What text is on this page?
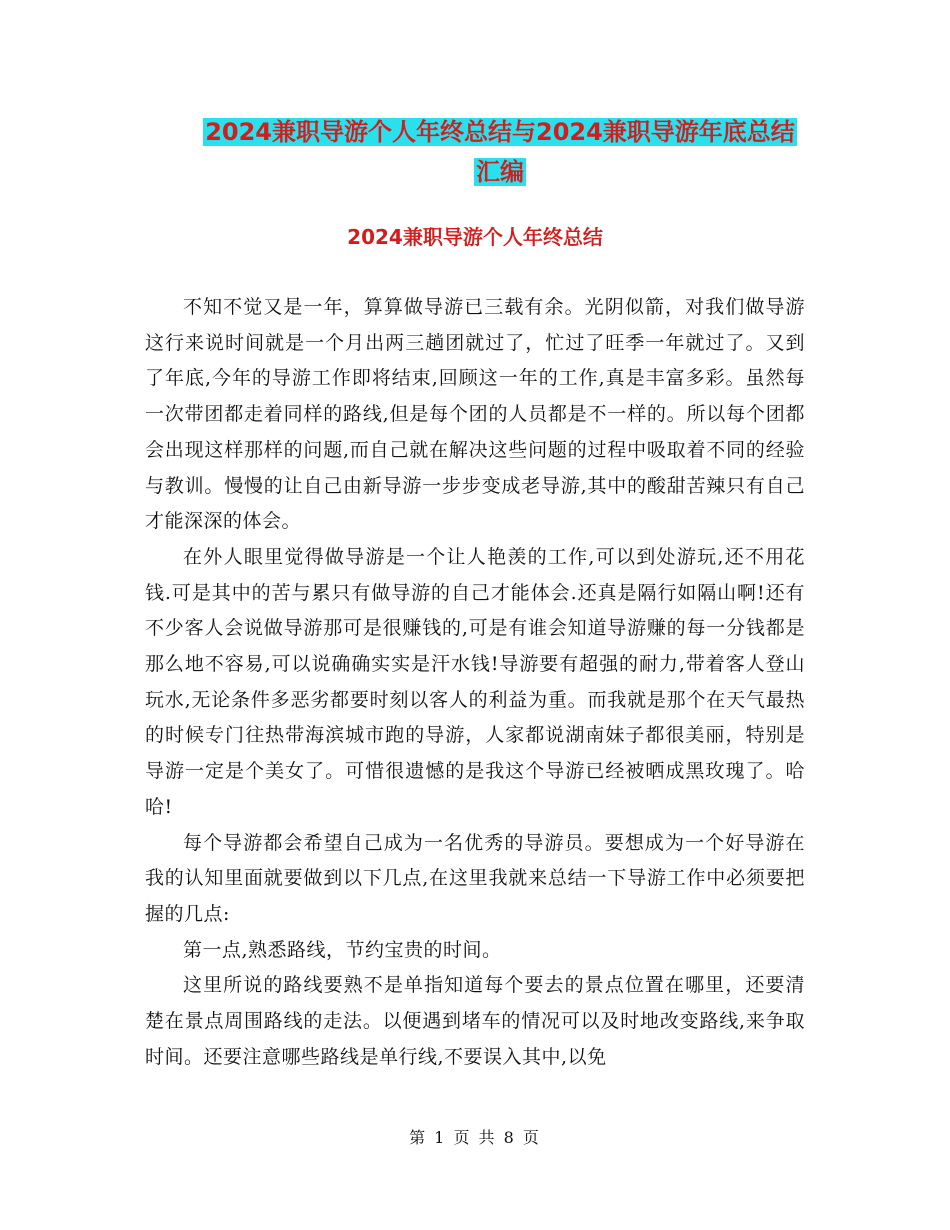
2024兼职导游个人年终总结与2024兼职导游年底总结
汇编
2024兼职导游个人年终总结

不知不觉又是一年，算算做导游已三载有余。光阴似箭，对我们做导游这行来说时间就是一个月出两三趟团就过了，忙过了旺季一年就过了。又到了年底,今年的导游工作即将结束,回顾这一年的工作,真是丰富多彩。虽然每一次带团都走着同样的路线,但是每个团的人员都是不一样的。所以每个团都会出现这样那样的问题,而自己就在解决这些问题的过程中吸取着不同的经验与教训。慢慢的让自己由新导游一步步变成老导游,其中的酸甜苦辣只有自己才能深深的体会。

在外人眼里觉得做导游是一个让人艳羡的工作,可以到处游玩,还不用花钱.可是其中的苦与累只有做导游的自己才能体会.还真是隔行如隔山啊!还有不少客人会说做导游那可是很赚钱的,可是有谁会知道导游赚的每一分钱都是那么地不容易,可以说确确实实是汗水钱!导游要有超强的耐力,带着客人登山玩水,无论条件多恶劣都要时刻以客人的利益为重。而我就是那个在天气最热的时候专门往热带海滨城市跑的导游，人家都说湖南妹子都很美丽，特别是导游一定是个美女了。可惜很遗憾的是我这个导游已经被晒成黑玫瑰了。哈哈!

每个导游都会希望自己成为一名优秀的导游员。要想成为一个好导游在我的认知里面就要做到以下几点,在这里我就来总结一下导游工作中必须要把握的几点:

第一点,熟悉路线，节约宝贵的时间。

这里所说的路线要熟不是单指知道每个要去的景点位置在哪里，还要清楚在景点周围路线的走法。以便遇到堵车的情况可以及时地改变路线,来争取时间。还要注意哪些路线是单行线,不要误入其中,以免

第 1 页 共 8 页
